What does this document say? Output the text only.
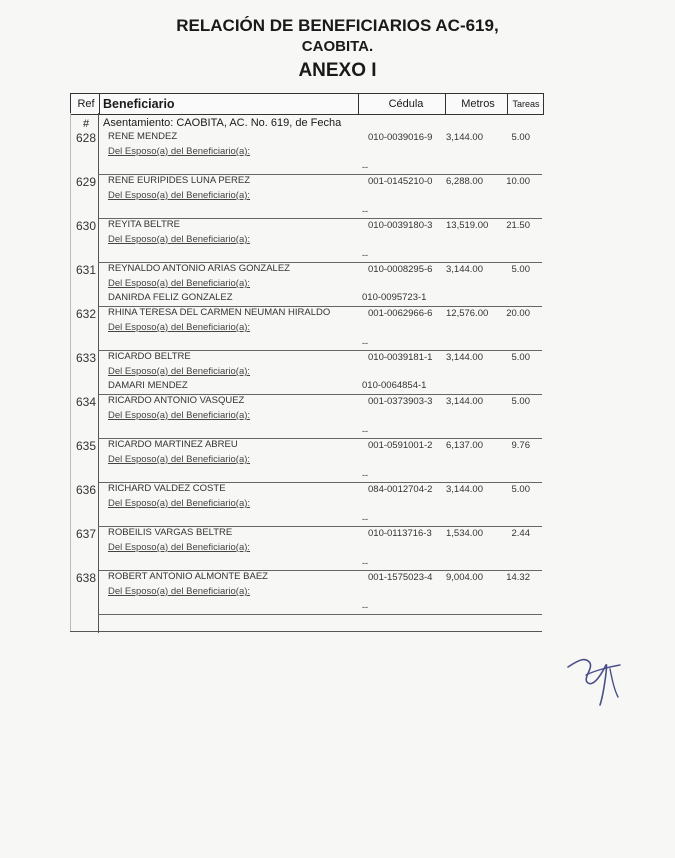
RELACIÓN DE BENEFICIARIOS AC-619,
CAOBITA.
ANEXO I
Ref #
Beneficiario	Cédula	Metros	Tareas
Asentamiento: CAOBITA, AC. No. 619, de Fecha
628 RENE MENDEZ	010-0039016-9 3,144.00	5.00
Del Esposo(a) del Beneficiario(a):
--
629 RENE EURIPIDES LUNA PEREZ	001-0145210-0 6,288.00	10.00
Del Esposo(a) del Beneficiario(a):
--
630 REYITA BELTRE	010-0039180-3 13,519.00	21.50
Del Esposo(a) del Beneficiario(a):
--
631 REYNALDO ANTONIO ARIAS GONZALEZ	010-0008295-6 3,144.00	5.00
Del Esposo(a) del Beneficiario(a):
DANIRDA FELIZ GONZALEZ	010-0095723-1
632 RHINA TERESA DEL CARMEN NEUMAN HIRALDO	001-0062966-6 12,576.00	20.00
Del Esposo(a) del Beneficiario(a):
--
633 RICARDO BELTRE	010-0039181-1 3,144.00	5.00
Del Esposo(a) del Beneficiario(a):
DAMARI MENDEZ	010-0064854-1
634 RICARDO ANTONIO VASQUEZ	001-0373903-3 3,144.00	5.00
Del Esposo(a) del Beneficiario(a):
--
635 RICARDO MARTINEZ ABREU	001-0591001-2 6,137.00	9.76
Del Esposo(a) del Beneficiario(a):
--
636 RICHARD VALDEZ COSTE	084-0012704-2 3,144.00	5.00
Del Esposo(a) del Beneficiario(a):
--
637 ROBEILIS VARGAS BELTRE	010-0113716-3 1,534.00	2.44
Del Esposo(a) del Beneficiario(a):
--
638 ROBERT ANTONIO ALMONTE BAEZ	001-1575023-4 9,004.00	14.32
Del Esposo(a) del Beneficiario(a):
--
